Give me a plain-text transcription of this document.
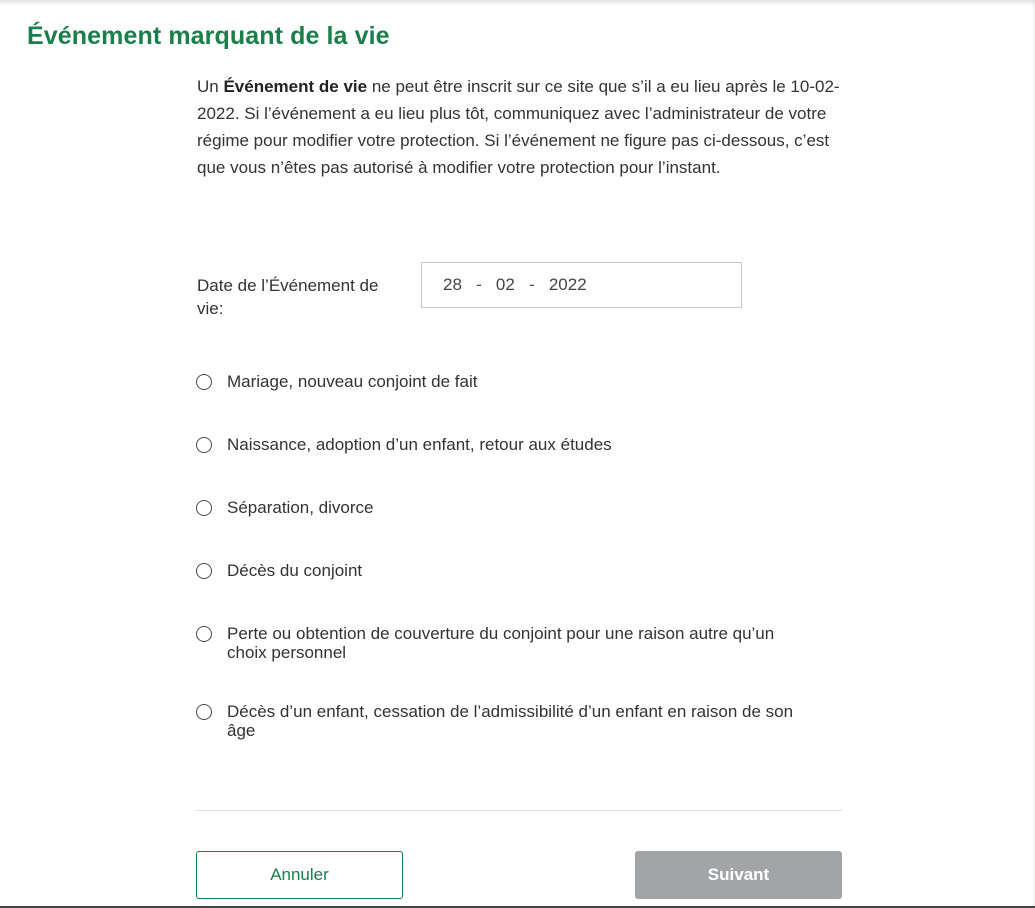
Événement marquant de la vie

Un Événement de vie ne peut être inscrit sur ce site que s’il a eu lieu après le 10-02-2022. Si l’événement a eu lieu plus tôt, communiquez avec l’administrateur de votre régime pour modifier votre protection. Si l’événement ne figure pas ci-dessous, c’est que vous n’êtes pas autorisé à modifier votre protection pour l’instant.

Date de l’Événement de vie:
28 - 02 - 2022
Mariage, nouveau conjoint de fait
Naissance, adoption d’un enfant, retour aux études
Séparation, divorce
Décès du conjoint
Perte ou obtention de couverture du conjoint pour une raison autre qu’un choix personnel
Décès d’un enfant, cessation de l’admissibilité d’un enfant en raison de son âge
Annuler	Suivant
